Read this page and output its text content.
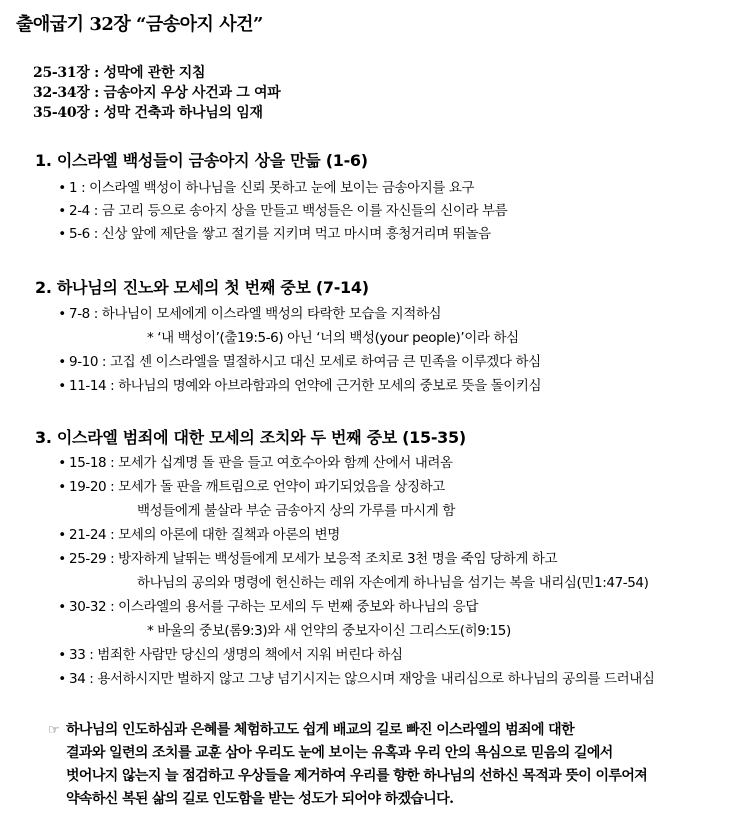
출애굽기 32장 “금송아지 사건”
25-31장 : 성막에 관한 지침
32-34장 : 금송아지 우상 사건과 그 여파
35-40장 : 성막 건축과 하나님의 임재
1. 이스라엘 백성들이 금송아지 상을 만듦 (1-6)
• 1 : 이스라엘 백성이 하나님을 신뢰 못하고 눈에 보이는 금송아지를 요구
• 2-4 : 금 고리 등으로 송아지 상을 만들고 백성들은 이를 자신들의 신이라 부름
• 5-6 : 신상 앞에 제단을 쌓고 절기를 지키며 먹고 마시며 흥청거리며 뛰놀음
2. 하나님의 진노와 모세의 첫 번째 중보 (7-14)
• 7-8 : 하나님이 모세에게 이스라엘 백성의 타락한 모습을 지적하심
* ‘내 백성이’(출19:5-6) 아닌 ‘너의 백성(your people)’이라 하심
• 9-10 : 고집 센 이스라엘을 멸절하시고 대신 모세로 하여금 큰 민족을 이루겠다 하심
• 11-14 : 하나님의 명예와 아브라함과의 언약에 근거한 모세의 중보로 뜻을 돌이키심
3. 이스라엘 범죄에 대한 모세의 조치와 두 번째 중보 (15-35)
• 15-18 : 모세가 십계명 돌 판을 들고 여호수아와 함께 산에서 내려옴
• 19-20 : 모세가 돌 판을 깨트림으로 언약이 파기되었음을 상징하고
백성들에게 불살라 부순 금송아지 상의 가루를 마시게 함
• 21-24 : 모세의 아론에 대한 질책과 아론의 변명
• 25-29 : 방자하게 날뛰는 백성들에게 모세가 보응적 조치로 3천 명을 죽임 당하게 하고
하나님의 공의와 명령에 헌신하는 레위 자손에게 하나님을 섬기는 복을 내리심(민1:47-54)
• 30-32 : 이스라엘의 용서를 구하는 모세의 두 번째 중보와 하나님의 응답
* 바울의 중보(롬9:3)와 새 언약의 중보자이신 그리스도(히9:15)
• 33 : 범죄한 사람만 당신의 생명의 책에서 지워 버린다 하심
• 34 : 용서하시지만 벌하지 않고 그냥 넘기시지는 않으시며 재앙을 내리심으로 하나님의 공의를 드러내심
☞ 하나님의 인도하심과 은혜를 체험하고도 쉽게 배교의 길로 빠진 이스라엘의 범죄에 대한
결과와 일련의 조치를 교훈 삼아 우리도 눈에 보이는 유혹과 우리 안의 욕심으로 믿음의 길에서
벗어나지 않는지 늘 점검하고 우상들을 제거하여 우리를 향한 하나님의 선하신 목적과 뜻이 이루어져
약속하신 복된 삶의 길로 인도함을 받는 성도가 되어야 하겠습니다.
